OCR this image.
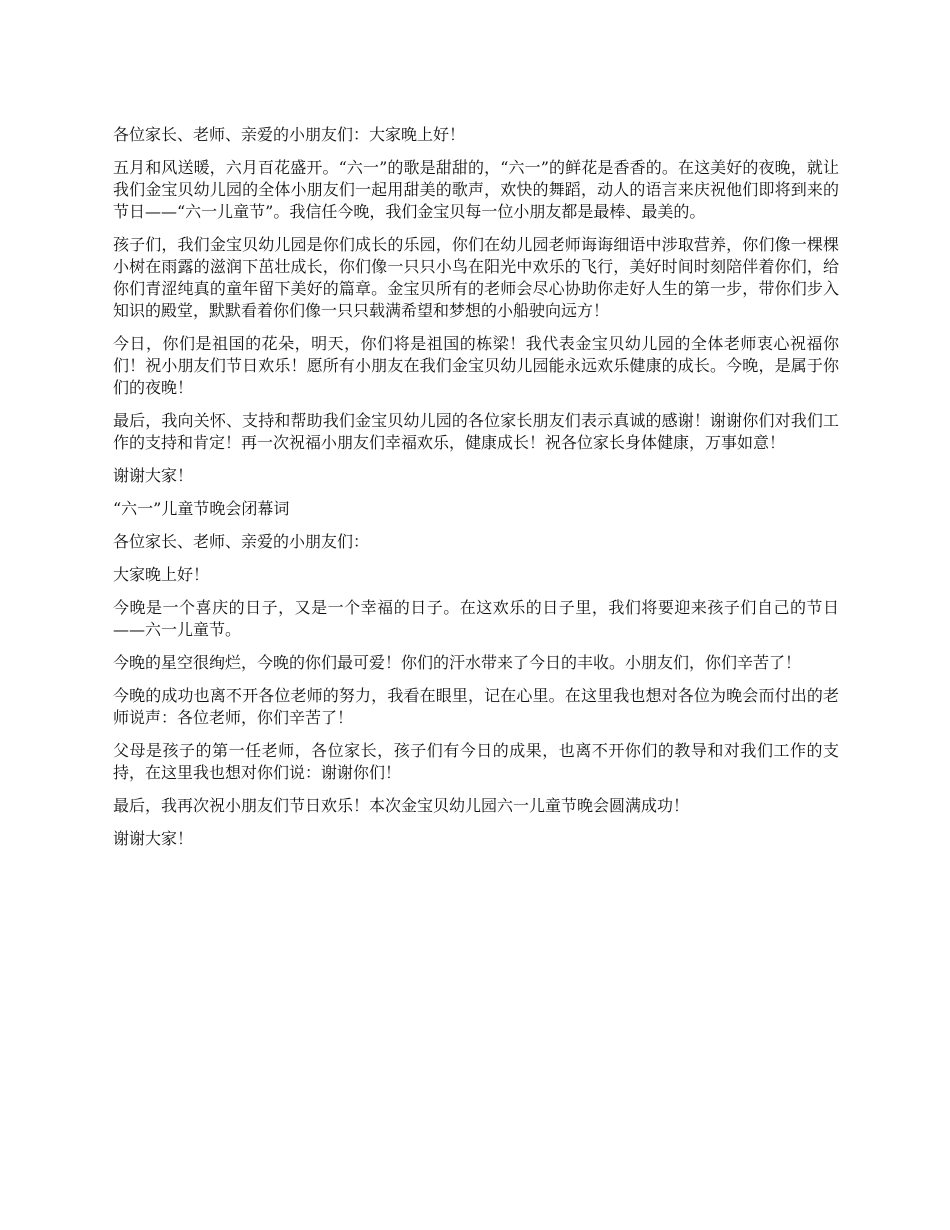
各位家长、老师、亲爱的小朋友们：大家晚上好！

五月和风送暖，六月百花盛开。“六一”的歌是甜甜的，“六一”的鲜花是香香的。在这美好的夜晚，就让我们金宝贝幼儿园的全体小朋友们一起用甜美的歌声，欢快的舞蹈，动人的语言来庆祝他们即将到来的节日——“六一儿童节”。我信任今晚，我们金宝贝每一位小朋友都是最棒、最美的。

孩子们，我们金宝贝幼儿园是你们成长的乐园，你们在幼儿园老师诲诲细语中涉取营养，你们像一棵棵小树在雨露的滋润下茁壮成长，你们像一只只小鸟在阳光中欢乐的飞行，美好时间时刻陪伴着你们，给你们青涩纯真的童年留下美好的篇章。金宝贝所有的老师会尽心协助你走好人生的第一步，带你们步入知识的殿堂，默默看着你们像一只只载满希望和梦想的小船驶向远方！

今日，你们是祖国的花朵，明天，你们将是祖国的栋梁！我代表金宝贝幼儿园的全体老师衷心祝福你们！祝小朋友们节日欢乐！愿所有小朋友在我们金宝贝幼儿园能永远欢乐健康的成长。今晚，是属于你们的夜晚！

最后，我向关怀、支持和帮助我们金宝贝幼儿园的各位家长朋友们表示真诚的感谢！谢谢你们对我们工作的支持和肯定！再一次祝福小朋友们幸福欢乐，健康成长！祝各位家长身体健康，万事如意！

谢谢大家！

“六一”儿童节晚会闭幕词

各位家长、老师、亲爱的小朋友们：

大家晚上好！

今晚是一个喜庆的日子，又是一个幸福的日子。在这欢乐的日子里，我们将要迎来孩子们自己的节日——六一儿童节。

今晚的星空很绚烂，今晚的你们最可爱！你们的汗水带来了今日的丰收。小朋友们，你们辛苦了！

今晚的成功也离不开各位老师的努力，我看在眼里，记在心里。在这里我也想对各位为晚会而付出的老师说声：各位老师，你们辛苦了！

父母是孩子的第一任老师，各位家长，孩子们有今日的成果，也离不开你们的教导和对我们工作的支持，在这里我也想对你们说：谢谢你们！

最后，我再次祝小朋友们节日欢乐！本次金宝贝幼儿园六一儿童节晚会圆满成功！

谢谢大家！
